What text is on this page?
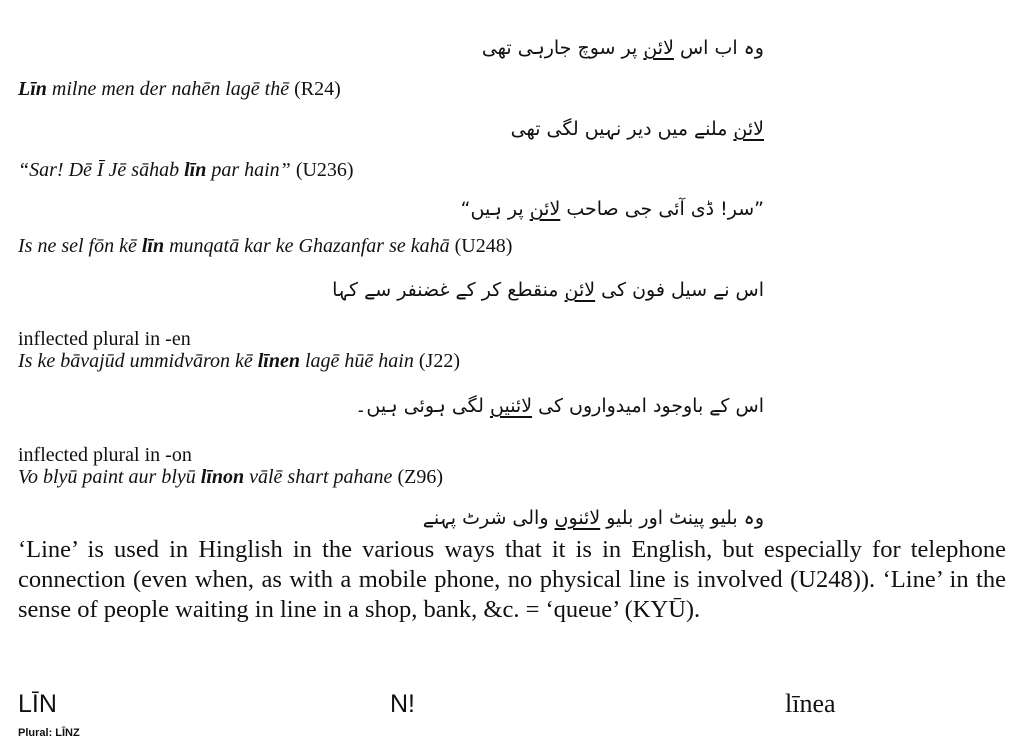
وہ اب اس لائن پر سوچ جارہی تھی
Līn milne men der nahēn lagē thē (R24)
لائن ملنے میں دیر نہیں لگی تھی
“Sar! Dē Ī Jē sāhab līn par hain” (U236)
”سر! ڈی آئی جی صاحب لائن پر ہیں“
Is ne sel fōn kē līn munqatā kar ke Ghazanfar se kahā (U248)
اس نے سیل فون کی لائن منقطع کر کے غضنفر سے کہا
inflected plural in -en
Is ke bāvajūd ummidvāron kē līnen lagē hūē hain (J22)
اس کے باوجود امیدواروں کی لائنیں لگی ہوئی ہیں۔
inflected plural in -on
Vo blyū paint aur blyū līnon vālē shart pahane (Z96)
وہ بلیو پینٹ اور بلیو لائنوں والی شرٹ پہنے
‘Line’ is used in Hinglish in the various ways that it is in English, but especially for telephone connection (even when, as with a mobile phone, no physical line is involved (U248)). ‘Line’ in the sense of people waiting in line in a shop, bank, &c. = ‘queue’ (KYŪ).
LĪN	N!	līnea
Plural: LĪNZ
